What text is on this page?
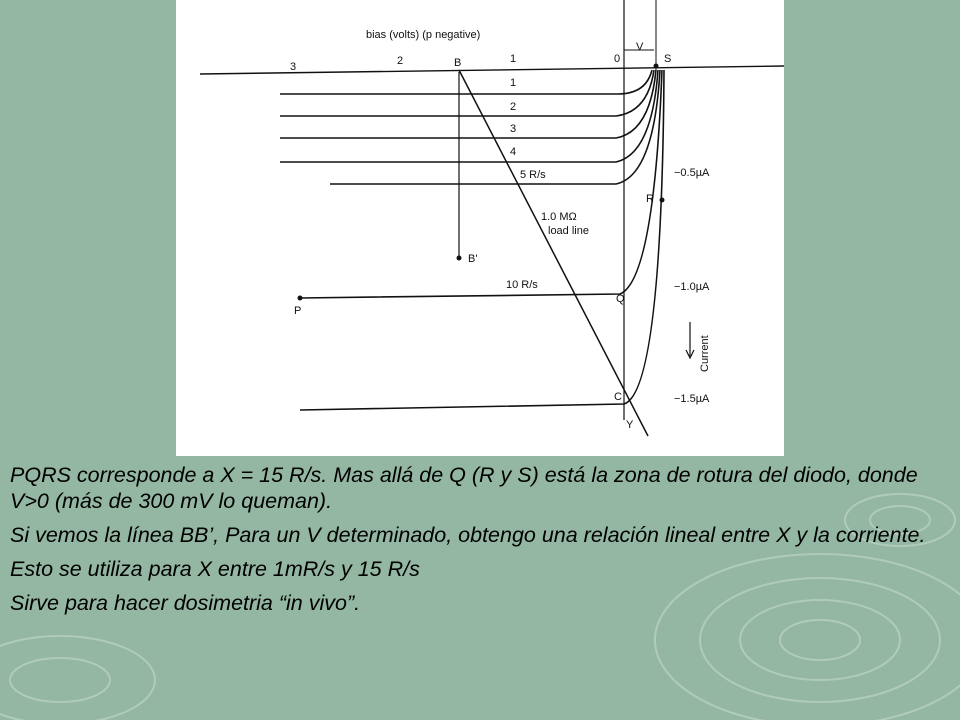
bias (volts) (p negative)
3	2	1	0
V
B
B'
1.0 MΩ
load line
1
2
3
4
5 R/s
10 R/s
S
R
Q
P
C
Y
−0.5µA
−1.0µA
−1.5µA
Current

PQRS corresponde a X = 15 R/s. Mas allá de Q (R y S) está la zona de rotura del diodo, donde V>0 (más de 300 mV lo queman).

Si vemos la línea BB’, Para un V determinado, obtengo una relación lineal entre X y la corriente.

Esto se utiliza para X entre 1mR/s y 15 R/s

Sirve para hacer dosimetria “in vivo”.
